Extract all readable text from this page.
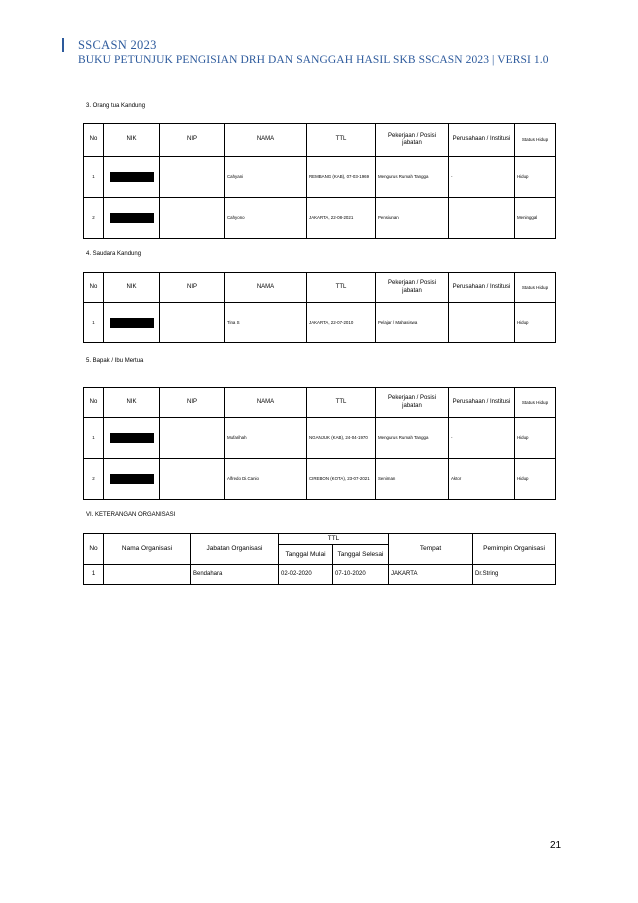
SSCASN 2023
BUKU PETUNJUK PENGISIAN DRH DAN SANGGAH HASIL SKB SSCASN 2023 | VERSI 1.0
3. Orang tua Kandung
No	NIK	NIP	NAMA	TTL	Pekerjaan / Posisi jabatan	Perusahaan / Institusi	Status Hidup
1			Cahyani	REMBANG (KAB), 07-03-1969	Mengurus Rumah Tangga	-	Hidup
2			Cahyono	JAKARTA, 22-08-2021	Pensiunan		Meninggal
4. Saudara Kandung
No	NIK	NIP	NAMA	TTL	Pekerjaan / Posisi jabatan	Perusahaan / Institusi	Status Hidup
1			Tina S	JAKARTA, 22-07-2010	Pelajar / Mahasiswa		Hidup
5. Bapak / Ibu Mertua
No	NIK	NIP	NAMA	TTL	Pekerjaan / Posisi jabatan	Perusahaan / Institusi	Status Hidup
1			Mufarihah	NGANJUK (KAB), 24-04-1970	Mengurus Rumah Tangga	-	Hidup
2			Alfredo Di.Canio	CIREBON (KOTA), 23-07-2021	Seniman	Aktor	Hidup
VI. KETERANGAN ORGANISASI
No	Nama Organisasi	Jabatan Organisasi	TTL		Tempat	Pemimpin Organisasi
			Tanggal Mulai	Tanggal Selesai		
1		Bendahara	02-02-2020	07-10-2020	JAKARTA	Dr.String
21
